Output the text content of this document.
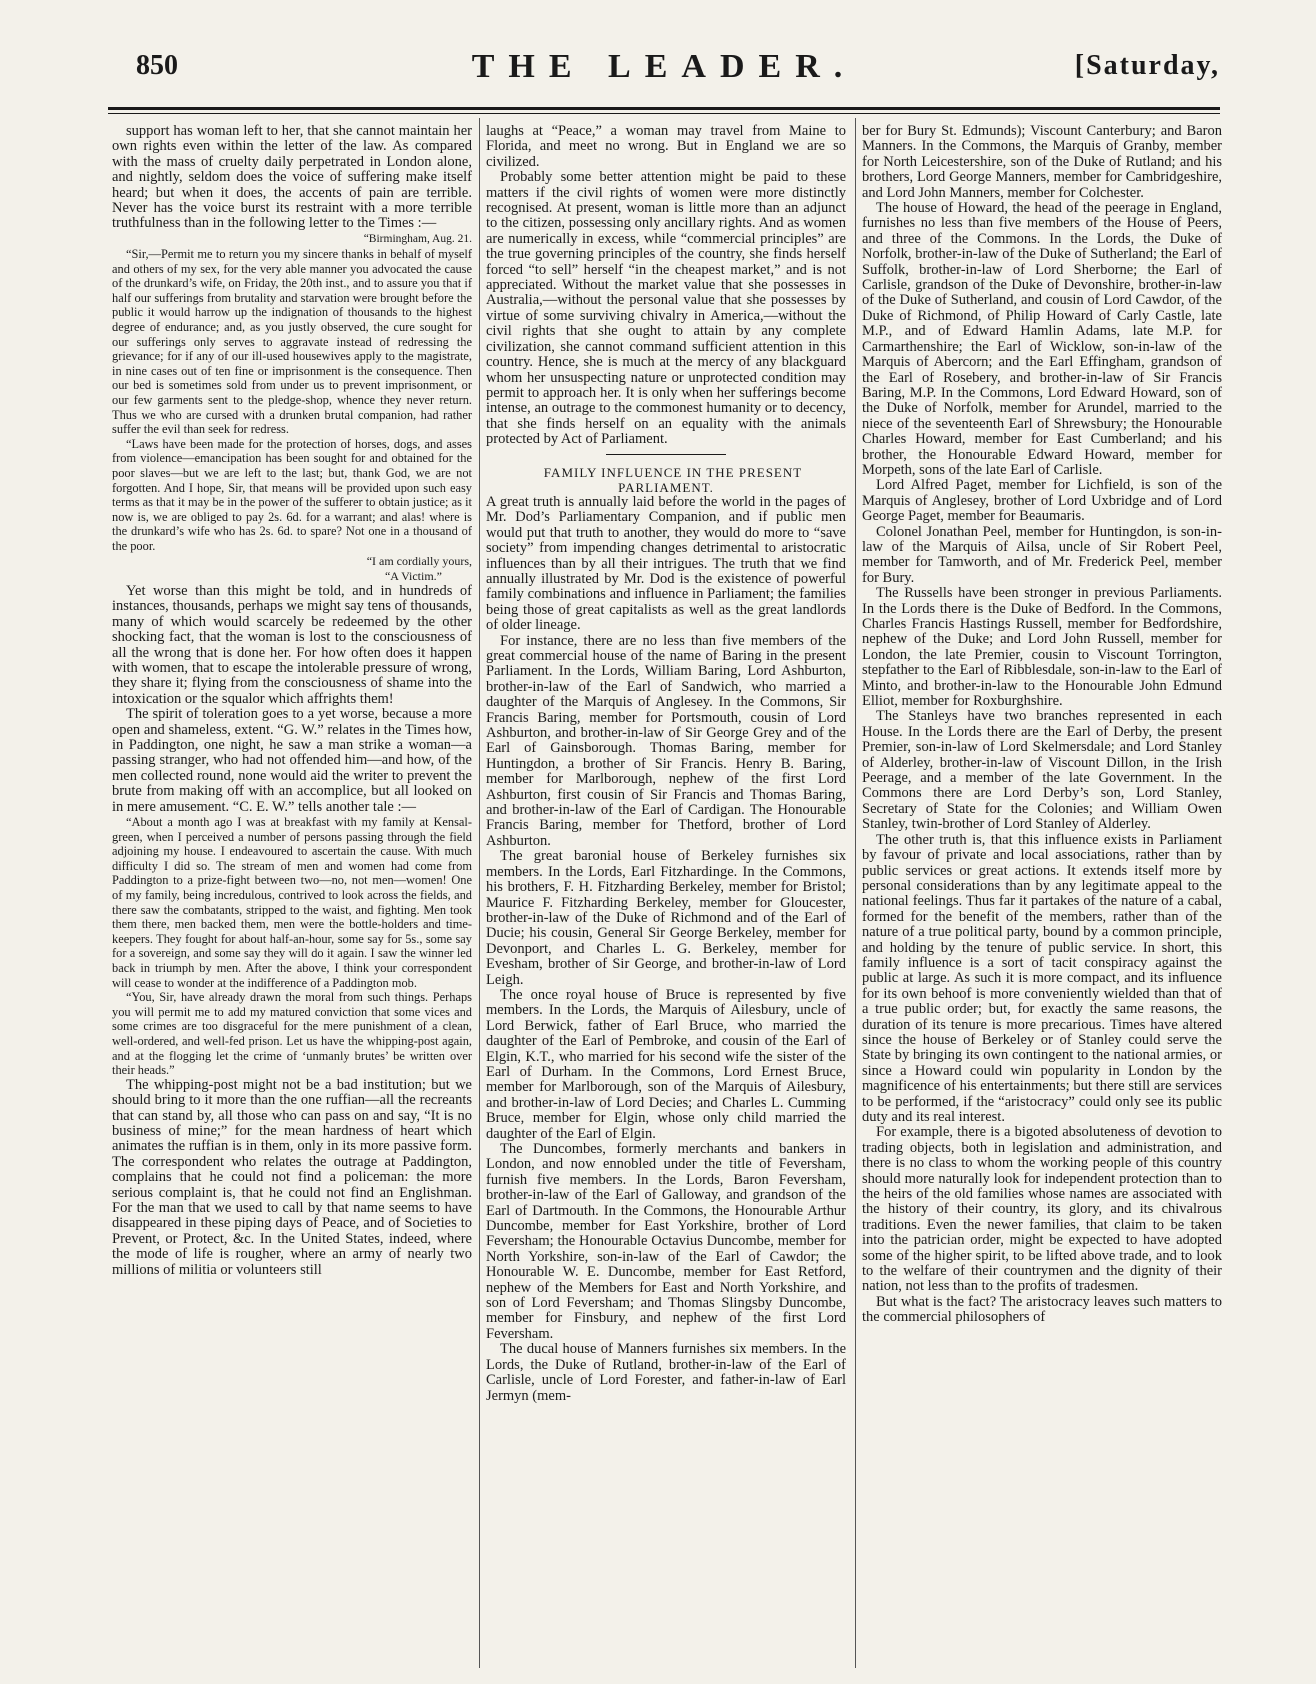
850	THE LEADER.	[Saturday,

support has woman left to her, that she cannot maintain her own rights even within the letter of the law. As compared with the mass of cruelty daily perpetrated in London alone, and nightly, seldom does the voice of suffering make itself heard; but when it does, the accents of pain are terrible. Never has the voice burst its restraint with a more terrible truthfulness than in the following letter to the Times :—

“Birmingham, Aug. 21.

“Sir,—Permit me to return you my sincere thanks in behalf of myself and others of my sex, for the very able manner you advocated the cause of the drunkard’s wife, on Friday, the 20th inst., and to assure you that if half our sufferings from brutality and starvation were brought before the public it would harrow up the indignation of thousands to the highest degree of endurance; and, as you justly observed, the cure sought for our sufferings only serves to aggravate instead of redressing the grievance; for if any of our ill-used housewives apply to the magistrate, in nine cases out of ten fine or imprisonment is the consequence. Then our bed is sometimes sold from under us to prevent imprisonment, or our few garments sent to the pledge-shop, whence they never return. Thus we who are cursed with a drunken brutal companion, had rather suffer the evil than seek for redress.

“Laws have been made for the protection of horses, dogs, and asses from violence—emancipation has been sought for and obtained for the poor slaves—but we are left to the last; but, thank God, we are not forgotten. And I hope, Sir, that means will be provided upon such easy terms as that it may be in the power of the sufferer to obtain justice; as it now is, we are obliged to pay 2s. 6d. for a warrant; and alas! where is the drunkard’s wife who has 2s. 6d. to spare? Not one in a thousand of the poor.

“I am cordially yours,

“A Victim.”

Yet worse than this might be told, and in hundreds of instances, thousands, perhaps we might say tens of thousands, many of which would scarcely be redeemed by the other shocking fact, that the woman is lost to the consciousness of all the wrong that is done her. For how often does it happen with women, that to escape the intolerable pressure of wrong, they share it; flying from the consciousness of shame into the intoxication or the squalor which affrights them!

The spirit of toleration goes to a yet worse, because a more open and shameless, extent. “G. W.” relates in the Times how, in Paddington, one night, he saw a man strike a woman—a passing stranger, who had not offended him—and how, of the men collected round, none would aid the writer to prevent the brute from making off with an accomplice, but all looked on in mere amusement. “C. E. W.” tells another tale :—

“About a month ago I was at breakfast with my family at Kensal-green, when I perceived a number of persons passing through the field adjoining my house. I endeavoured to ascertain the cause. With much difficulty I did so. The stream of men and women had come from Paddington to a prize-fight between two—no, not men—women! One of my family, being incredulous, contrived to look across the fields, and there saw the combatants, stripped to the waist, and fighting. Men took them there, men backed them, men were the bottle-holders and time-keepers. They fought for about half-an-hour, some say for 5s., some say for a sovereign, and some say they will do it again. I saw the winner led back in triumph by men. After the above, I think your correspondent will cease to wonder at the indifference of a Paddington mob.

“You, Sir, have already drawn the moral from such things. Perhaps you will permit me to add my matured conviction that some vices and some crimes are too disgraceful for the mere punishment of a clean, well-ordered, and well-fed prison. Let us have the whipping-post again, and at the flogging let the crime of ‘unmanly brutes’ be written over their heads.”

The whipping-post might not be a bad institution; but we should bring to it more than the one ruffian—all the recreants that can stand by, all those who can pass on and say, “It is no business of mine;” for the mean hardness of heart which animates the ruffian is in them, only in its more passive form. The correspondent who relates the outrage at Paddington, complains that he could not find a policeman: the more serious complaint is, that he could not find an Englishman. For the man that we used to call by that name seems to have disappeared in these piping days of Peace, and of Societies to Prevent, or Protect, &c. In the United States, indeed, where the mode of life is rougher, where an army of nearly two millions of militia or volunteers still

laughs at “Peace,” a woman may travel from Maine to Florida, and meet no wrong. But in England we are so civilized.

Probably some better attention might be paid to these matters if the civil rights of women were more distinctly recognised. At present, woman is little more than an adjunct to the citizen, possessing only ancillary rights. And as women are numerically in excess, while “commercial principles” are the true governing principles of the country, she finds herself forced “to sell” herself “in the cheapest market,” and is not appreciated. Without the market value that she possesses in Australia,—without the personal value that she possesses by virtue of some surviving chivalry in America,—without the civil rights that she ought to attain by any complete civilization, she cannot command sufficient attention in this country. Hence, she is much at the mercy of any blackguard whom her unsuspecting nature or unprotected condition may permit to approach her. It is only when her sufferings become intense, an outrage to the commonest humanity or to decency, that she finds herself on an equality with the animals protected by Act of Parliament.

FAMILY INFLUENCE IN THE PRESENT PARLIAMENT.

A great truth is annually laid before the world in the pages of Mr. Dod’s Parliamentary Companion, and if public men would put that truth to another, they would do more to “save society” from impending changes detrimental to aristocratic influences than by all their intrigues. The truth that we find annually illustrated by Mr. Dod is the existence of powerful family combinations and influence in Parliament; the families being those of great capitalists as well as the great landlords of older lineage.

For instance, there are no less than five members of the great commercial house of the name of Baring in the present Parliament. In the Lords, William Baring, Lord Ashburton, brother-in-law of the Earl of Sandwich, who married a daughter of the Marquis of Anglesey. In the Commons, Sir Francis Baring, member for Portsmouth, cousin of Lord Ashburton, and brother-in-law of Sir George Grey and of the Earl of Gainsborough. Thomas Baring, member for Huntingdon, a brother of Sir Francis. Henry B. Baring, member for Marlborough, nephew of the first Lord Ashburton, first cousin of Sir Francis and Thomas Baring, and brother-in-law of the Earl of Cardigan. The Honourable Francis Baring, member for Thetford, brother of Lord Ashburton.

The great baronial house of Berkeley furnishes six members. In the Lords, Earl Fitzhardinge. In the Commons, his brothers, F. H. Fitzharding Berkeley, member for Bristol; Maurice F. Fitzharding Berkeley, member for Gloucester, brother-in-law of the Duke of Richmond and of the Earl of Ducie; his cousin, General Sir George Berkeley, member for Devonport, and Charles L. G. Berkeley, member for Evesham, brother of Sir George, and brother-in-law of Lord Leigh.

The once royal house of Bruce is represented by five members. In the Lords, the Marquis of Ailesbury, uncle of Lord Berwick, father of Earl Bruce, who married the daughter of the Earl of Pembroke, and cousin of the Earl of Elgin, K.T., who married for his second wife the sister of the Earl of Durham. In the Commons, Lord Ernest Bruce, member for Marlborough, son of the Marquis of Ailesbury, and brother-in-law of Lord Decies; and Charles L. Cumming Bruce, member for Elgin, whose only child married the daughter of the Earl of Elgin.

The Duncombes, formerly merchants and bankers in London, and now ennobled under the title of Feversham, furnish five members. In the Lords, Baron Feversham, brother-in-law of the Earl of Galloway, and grandson of the Earl of Dartmouth. In the Commons, the Honourable Arthur Duncombe, member for East Yorkshire, brother of Lord Feversham; the Honourable Octavius Duncombe, member for North Yorkshire, son-in-law of the Earl of Cawdor; the Honourable W. E. Duncombe, member for East Retford, nephew of the Members for East and North Yorkshire, and son of Lord Feversham; and Thomas Slingsby Duncombe, member for Finsbury, and nephew of the first Lord Feversham.

The ducal house of Manners furnishes six members. In the Lords, the Duke of Rutland, brother-in-law of the Earl of Carlisle, uncle of Lord Forester, and father-in-law of Earl Jermyn (mem-

ber for Bury St. Edmunds); Viscount Canterbury; and Baron Manners. In the Commons, the Marquis of Granby, member for North Leicestershire, son of the Duke of Rutland; and his brothers, Lord George Manners, member for Cambridgeshire, and Lord John Manners, member for Colchester.

The house of Howard, the head of the peerage in England, furnishes no less than five members of the House of Peers, and three of the Commons. In the Lords, the Duke of Norfolk, brother-in-law of the Duke of Sutherland; the Earl of Suffolk, brother-in-law of Lord Sherborne; the Earl of Carlisle, grandson of the Duke of Devonshire, brother-in-law of the Duke of Sutherland, and cousin of Lord Cawdor, of the Duke of Richmond, of Philip Howard of Carly Castle, late M.P., and of Edward Hamlin Adams, late M.P. for Carmarthenshire; the Earl of Wicklow, son-in-law of the Marquis of Abercorn; and the Earl Effingham, grandson of the Earl of Rosebery, and brother-in-law of Sir Francis Baring, M.P. In the Commons, Lord Edward Howard, son of the Duke of Norfolk, member for Arundel, married to the niece of the seventeenth Earl of Shrewsbury; the Honourable Charles Howard, member for East Cumberland; and his brother, the Honourable Edward Howard, member for Morpeth, sons of the late Earl of Carlisle.

Lord Alfred Paget, member for Lichfield, is son of the Marquis of Anglesey, brother of Lord Uxbridge and of Lord George Paget, member for Beaumaris.

Colonel Jonathan Peel, member for Huntingdon, is son-in-law of the Marquis of Ailsa, uncle of Sir Robert Peel, member for Tamworth, and of Mr. Frederick Peel, member for Bury.

The Russells have been stronger in previous Parliaments. In the Lords there is the Duke of Bedford. In the Commons, Charles Francis Hastings Russell, member for Bedfordshire, nephew of the Duke; and Lord John Russell, member for London, the late Premier, cousin to Viscount Torrington, stepfather to the Earl of Ribblesdale, son-in-law to the Earl of Minto, and brother-in-law to the Honourable John Edmund Elliot, member for Roxburghshire.

The Stanleys have two branches represented in each House. In the Lords there are the Earl of Derby, the present Premier, son-in-law of Lord Skelmersdale; and Lord Stanley of Alderley, brother-in-law of Viscount Dillon, in the Irish Peerage, and a member of the late Government. In the Commons there are Lord Derby’s son, Lord Stanley, Secretary of State for the Colonies; and William Owen Stanley, twin-brother of Lord Stanley of Alderley.

The other truth is, that this influence exists in Parliament by favour of private and local associations, rather than by public services or great actions. It extends itself more by personal considerations than by any legitimate appeal to the national feelings. Thus far it partakes of the nature of a cabal, formed for the benefit of the members, rather than of the nature of a true political party, bound by a common principle, and holding by the tenure of public service. In short, this family influence is a sort of tacit conspiracy against the public at large. As such it is more compact, and its influence for its own behoof is more conveniently wielded than that of a true public order; but, for exactly the same reasons, the duration of its tenure is more precarious. Times have altered since the house of Berkeley or of Stanley could serve the State by bringing its own contingent to the national armies, or since a Howard could win popularity in London by the magnificence of his entertainments; but there still are services to be performed, if the “aristocracy” could only see its public duty and its real interest.

For example, there is a bigoted absoluteness of devotion to trading objects, both in legislation and administration, and there is no class to whom the working people of this country should more naturally look for independent protection than to the heirs of the old families whose names are associated with the history of their country, its glory, and its chivalrous traditions. Even the newer families, that claim to be taken into the patrician order, might be expected to have adopted some of the higher spirit, to be lifted above trade, and to look to the welfare of their countrymen and the dignity of their nation, not less than to the profits of tradesmen.

But what is the fact? The aristocracy leaves such matters to the commercial philosophers of
